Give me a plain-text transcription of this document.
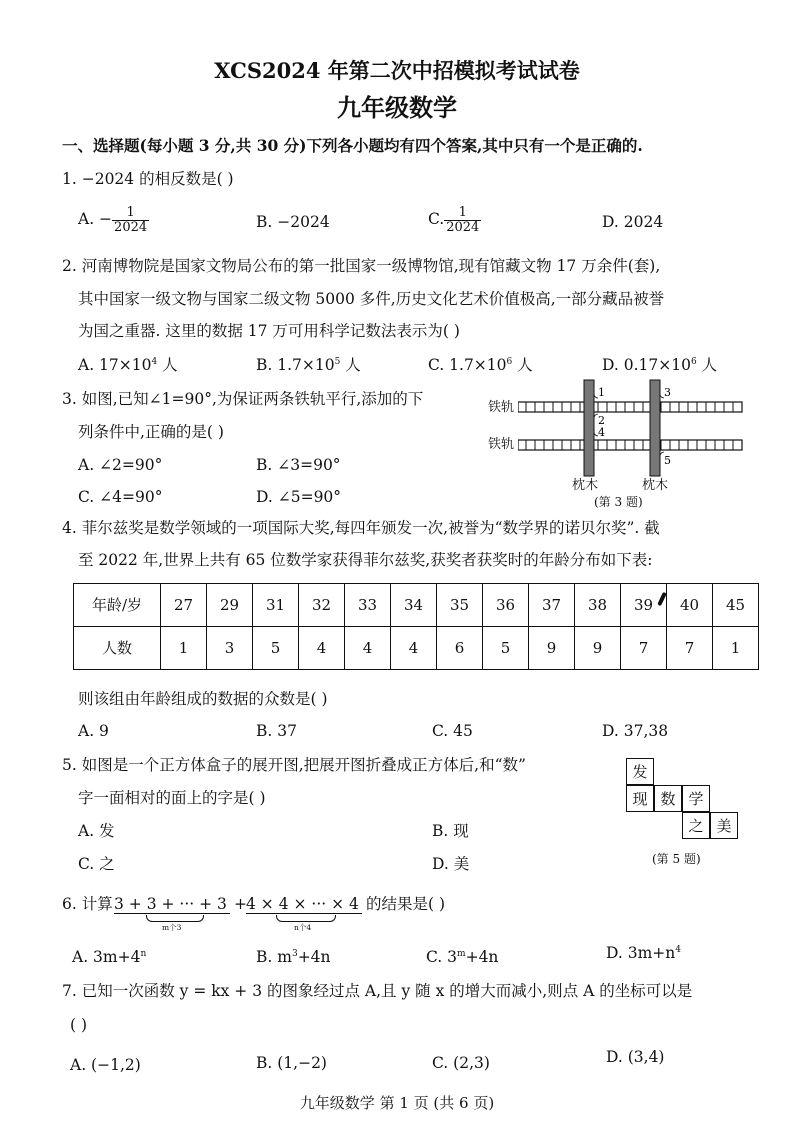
XCS2024 年第二次中招模拟考试试卷
九年级数学
一、选择题(每小题 3 分,共 30 分)下列各小题均有四个答案,其中只有一个是正确的.
1. −2024 的相反数是( )
A. − $\frac{1}{2024}$	B. −2024	C. $\frac{1}{2024}$	D. 2024
2. 河南博物院是国家文物局公布的第一批国家一级博物馆,现有馆藏文物 17 万余件(套),
其中国家一级文物与国家二级文物 5000 多件,历史文化艺术价值极高,一部分藏品被誉
为国之重器. 这里的数据 17 万可用科学记数法表示为( )
A. $17\times 10^4$ 人	B. $1.7\times 10^5$ 人	C. $1.7\times 10^6$ 人	D. $0.17\times 10^6$ 人
3. 如图,已知∠1=90°,为保证两条铁轨平行,添加的下
列条件中,正确的是( )
A. ∠2=90°	B. ∠3=90°
C. ∠4=90°	D. ∠5=90°
铁轨
铁轨
1
2
3
4
5
枕木	枕木
(第 3 题)
4. 菲尔兹奖是数学领域的一项国际大奖,每四年颁发一次,被誉为“数学界的诺贝尔奖”. 截
至 2022 年,世界上共有 65 位数学家获得菲尔兹奖,获奖者获奖时的年龄分布如下表:
年龄/岁	27	29	31	32	33	34	35	36	37	38	39	40	45
人数	1	3	5	4	4	4	6	5	9	9	7	7	1
则该组由年龄组成的数据的众数是( )
A. 9	B. 37	C. 45	D. 37,38
5. 如图是一个正方体盒子的展开图,把展开图折叠成正方体后,和“数”
字一面相对的面上的字是( )
A. 发	B. 现
C. 之	D. 美
发
现 数 学
之 美
(第 5 题)
6. 计算 3 + 3 + ··· + 3
m个3
+ 4 × 4 × ··· × 4
n个4
的结果是( )
A. $3m+4^n$	B. $m^3+4n$	C. $3^m+4n$	D. $3m+n^4$
7. 已知一次函数 y = kx + 3 的图象经过点 A,且 y 随 x 的增大而减小,则点 A 的坐标可以是
( )
A. (−1,2)	B. (1,−2)	C. (2,3)	D. (3,4)
九年级数学 第 1 页 (共 6 页)
